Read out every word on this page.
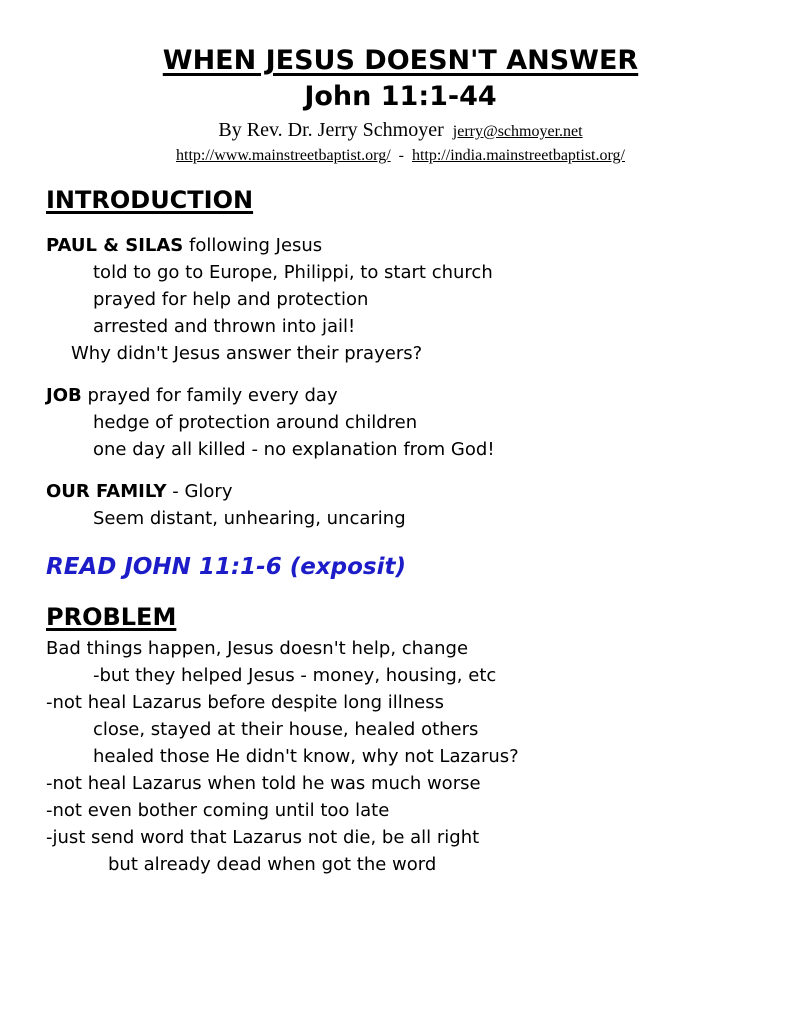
WHEN JESUS DOESN'T ANSWER
John 11:1-44

By Rev. Dr. Jerry Schmoyer jerry@schmoyer.net

http://www.mainstreetbaptist.org/ - http://india.mainstreetbaptist.org/

INTRODUCTION

PAUL & SILAS following Jesus

told to go to Europe, Philippi, to start church

prayed for help and protection

arrested and thrown into jail!

Why didn't Jesus answer their prayers?

JOB prayed for family every day

hedge of protection around children

one day all killed - no explanation from God!

OUR FAMILY - Glory

Seem distant, unhearing, uncaring

READ JOHN 11:1-6 (exposit)

PROBLEM

Bad things happen, Jesus doesn't help, change

-but they helped Jesus - money, housing, etc

-not heal Lazarus before despite long illness

close, stayed at their house, healed others

healed those He didn't know, why not Lazarus?

-not heal Lazarus when told he was much worse

-not even bother coming until too late

-just send word that Lazarus not die, be all right

but already dead when got the word
